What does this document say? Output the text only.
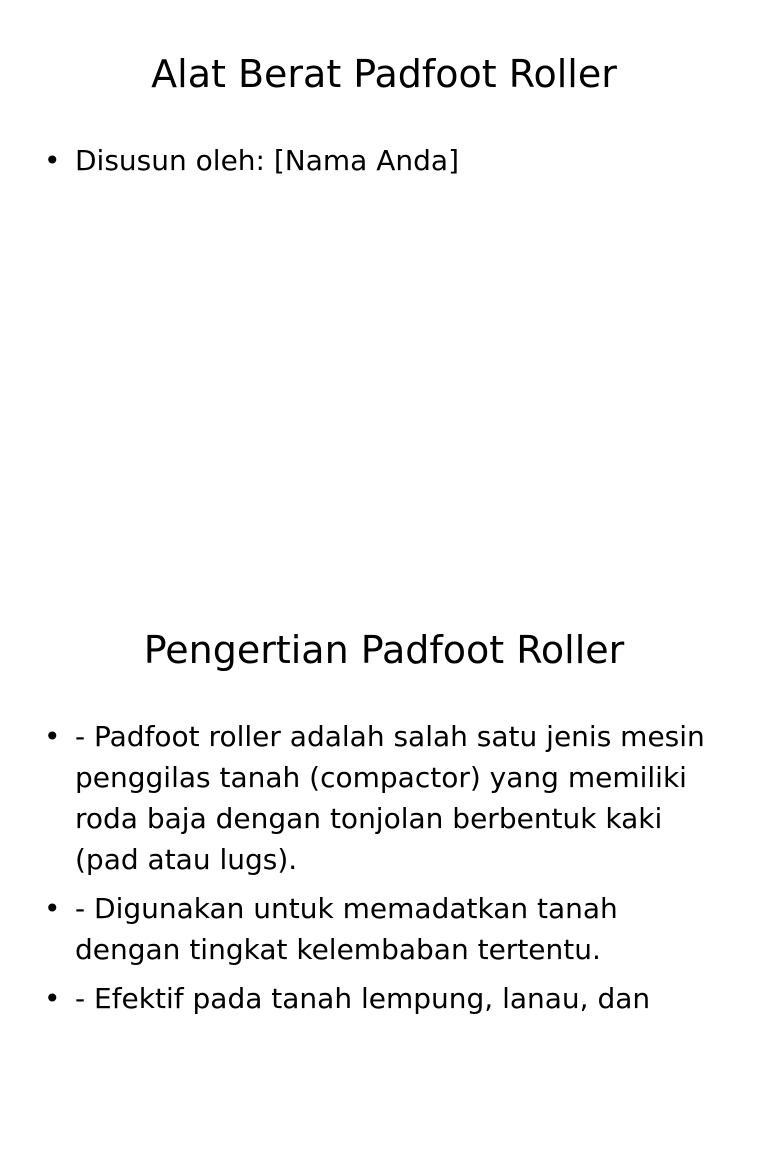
Alat Berat Padfoot Roller
• Disusun oleh: [Nama Anda]
Pengertian Padfoot Roller
• - Padfoot roller adalah salah satu jenis mesin penggilas tanah (compactor) yang memiliki roda baja dengan tonjolan berbentuk kaki (pad atau lugs).
• - Digunakan untuk memadatkan tanah dengan tingkat kelembaban tertentu.
• - Efektif pada tanah lempung, lanau, dan
